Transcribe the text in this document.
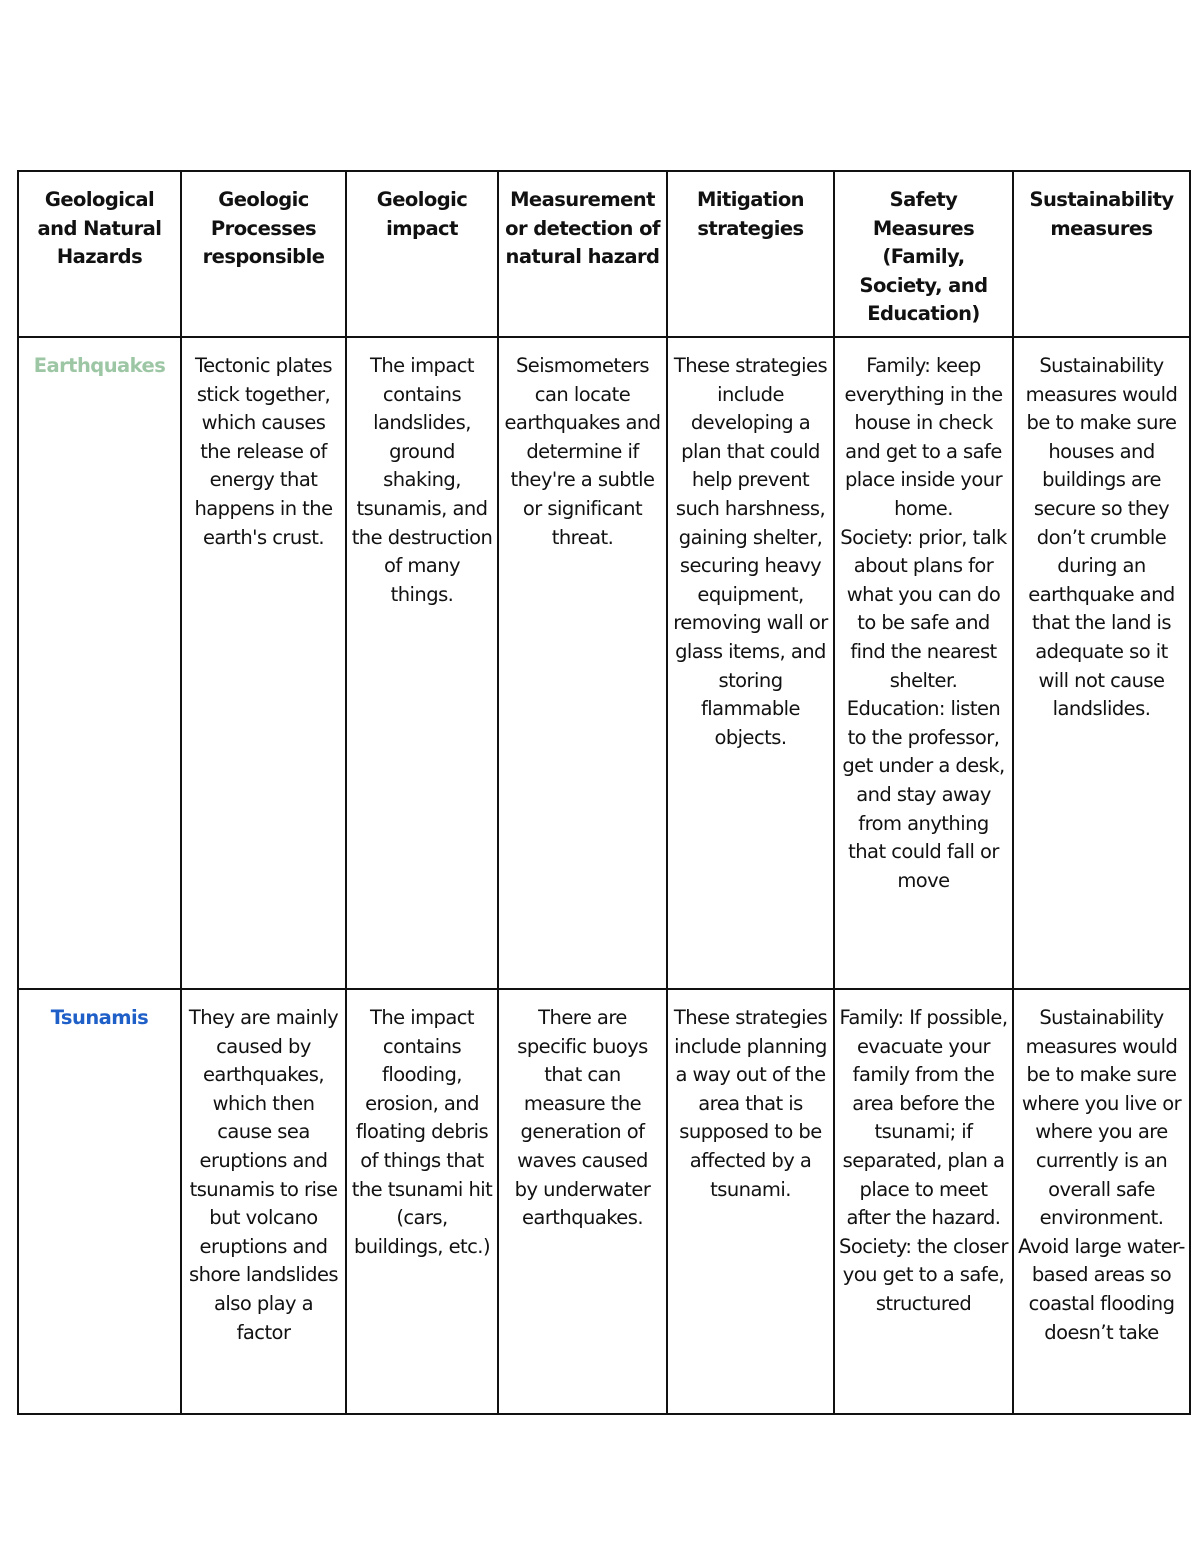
Geological and Natural Hazards	Geologic Processes responsible	Geologic impact	Measurement or detection of natural hazard	Mitigation strategies	Safety Measures (Family, Society, and Education)	Sustainability measures
Earthquakes	Tectonic plates stick together, which causes the release of energy that happens in the earth's crust.	The impact contains landslides, ground shaking, tsunamis, and the destruction of many things.	Seismometers can locate earthquakes and determine if they're a subtle or significant threat.	These strategies include developing a plan that could help prevent such harshness, gaining shelter, securing heavy equipment, removing wall or glass items, and storing flammable objects.	Family: keep everything in the house in check and get to a safe place inside your home.
Society: prior, talk about plans for what you can do to be safe and find the nearest shelter.
Education: listen to the professor, get under a desk, and stay away from anything that could fall or move	Sustainability measures would be to make sure houses and buildings are secure so they don’t crumble during an earthquake and that the land is adequate so it will not cause landslides.
Tsunamis	They are mainly caused by earthquakes, which then cause sea eruptions and tsunamis to rise but volcano eruptions and shore landslides also play a factor	The impact contains flooding, erosion, and floating debris of things that the tsunami hit (cars, buildings, etc.)	There are specific buoys that can measure the generation of waves caused by underwater earthquakes.	These strategies include planning a way out of the area that is supposed to be affected by a tsunami.	Family: If possible, evacuate your family from the area before the tsunami; if separated, plan a place to meet after the hazard.
Society: the closer you get to a safe, structured	Sustainability measures would be to make sure where you live or where you are currently is an overall safe environment. Avoid large water-based areas so coastal flooding doesn’t take
